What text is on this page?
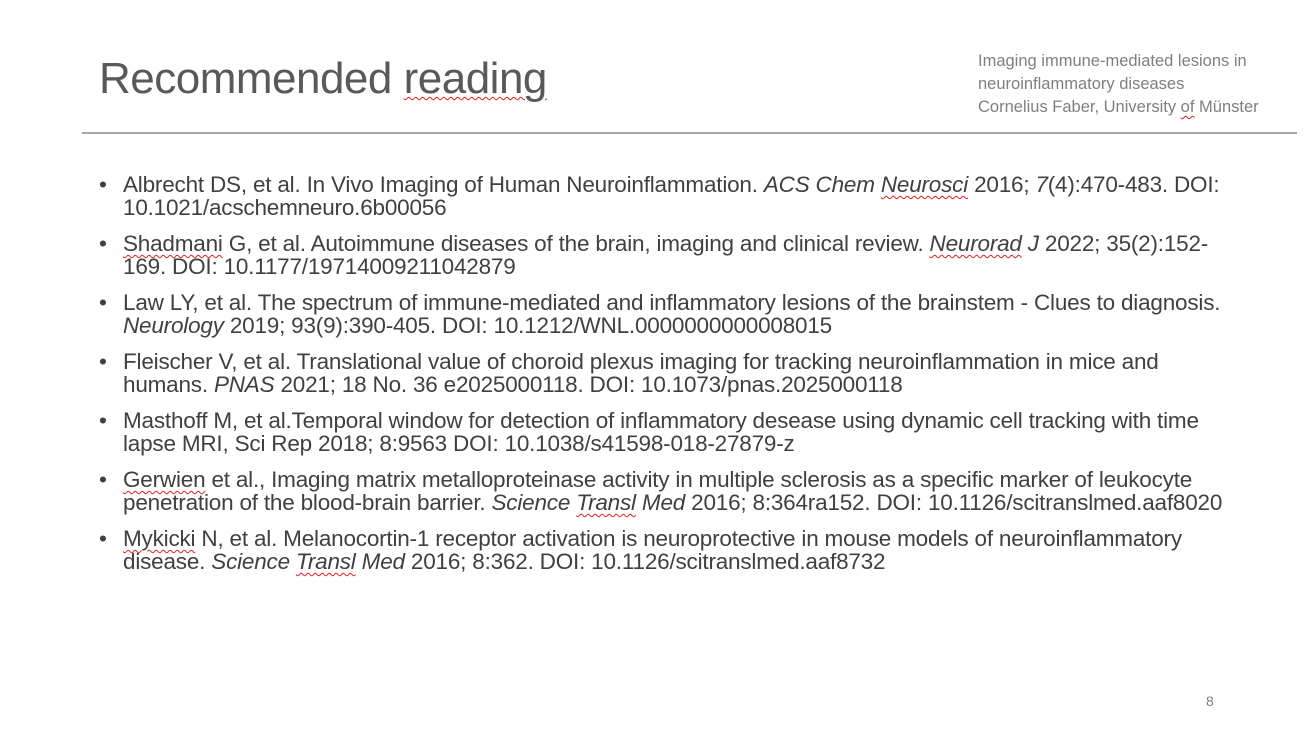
Recommended reading	Imaging immune-mediated lesions in
neuroinflammatory diseases
Cornelius Faber, University of Münster
• Albrecht DS, et al. In Vivo Imaging of Human Neuroinflammation. ACS Chem Neurosci 2016; 7(4):470-483. DOI: 10.1021/acschemneuro.6b00056
• Shadmani G, et al. Autoimmune diseases of the brain, imaging and clinical review. Neurorad J 2022; 35(2):152-169. DOI: 10.1177/19714009211042879
• Law LY, et al. The spectrum of immune-mediated and inflammatory lesions of the brainstem - Clues to diagnosis. Neurology 2019; 93(9):390-405. DOI: 10.1212/WNL.0000000000008015
• Fleischer V, et al. Translational value of choroid plexus imaging for tracking neuroinflammation in mice and humans. PNAS 2021; 18 No. 36 e2025000118. DOI: 10.1073/pnas.2025000118
• Masthoff M, et al.Temporal window for detection of inflammatory desease using dynamic cell tracking with time lapse MRI, Sci Rep 2018; 8:9563 DOI: 10.1038/s41598-018-27879-z
• Gerwien et al., Imaging matrix metalloproteinase activity in multiple sclerosis as a specific marker of leukocyte penetration of the blood-brain barrier. Science Transl Med 2016; 8:364ra152. DOI: 10.1126/scitranslmed.aaf8020
• Mykicki N, et al. Melanocortin-1 receptor activation is neuroprotective in mouse models of neuroinflammatory disease. Science Transl Med 2016; 8:362. DOI: 10.1126/scitranslmed.aaf8732
8
